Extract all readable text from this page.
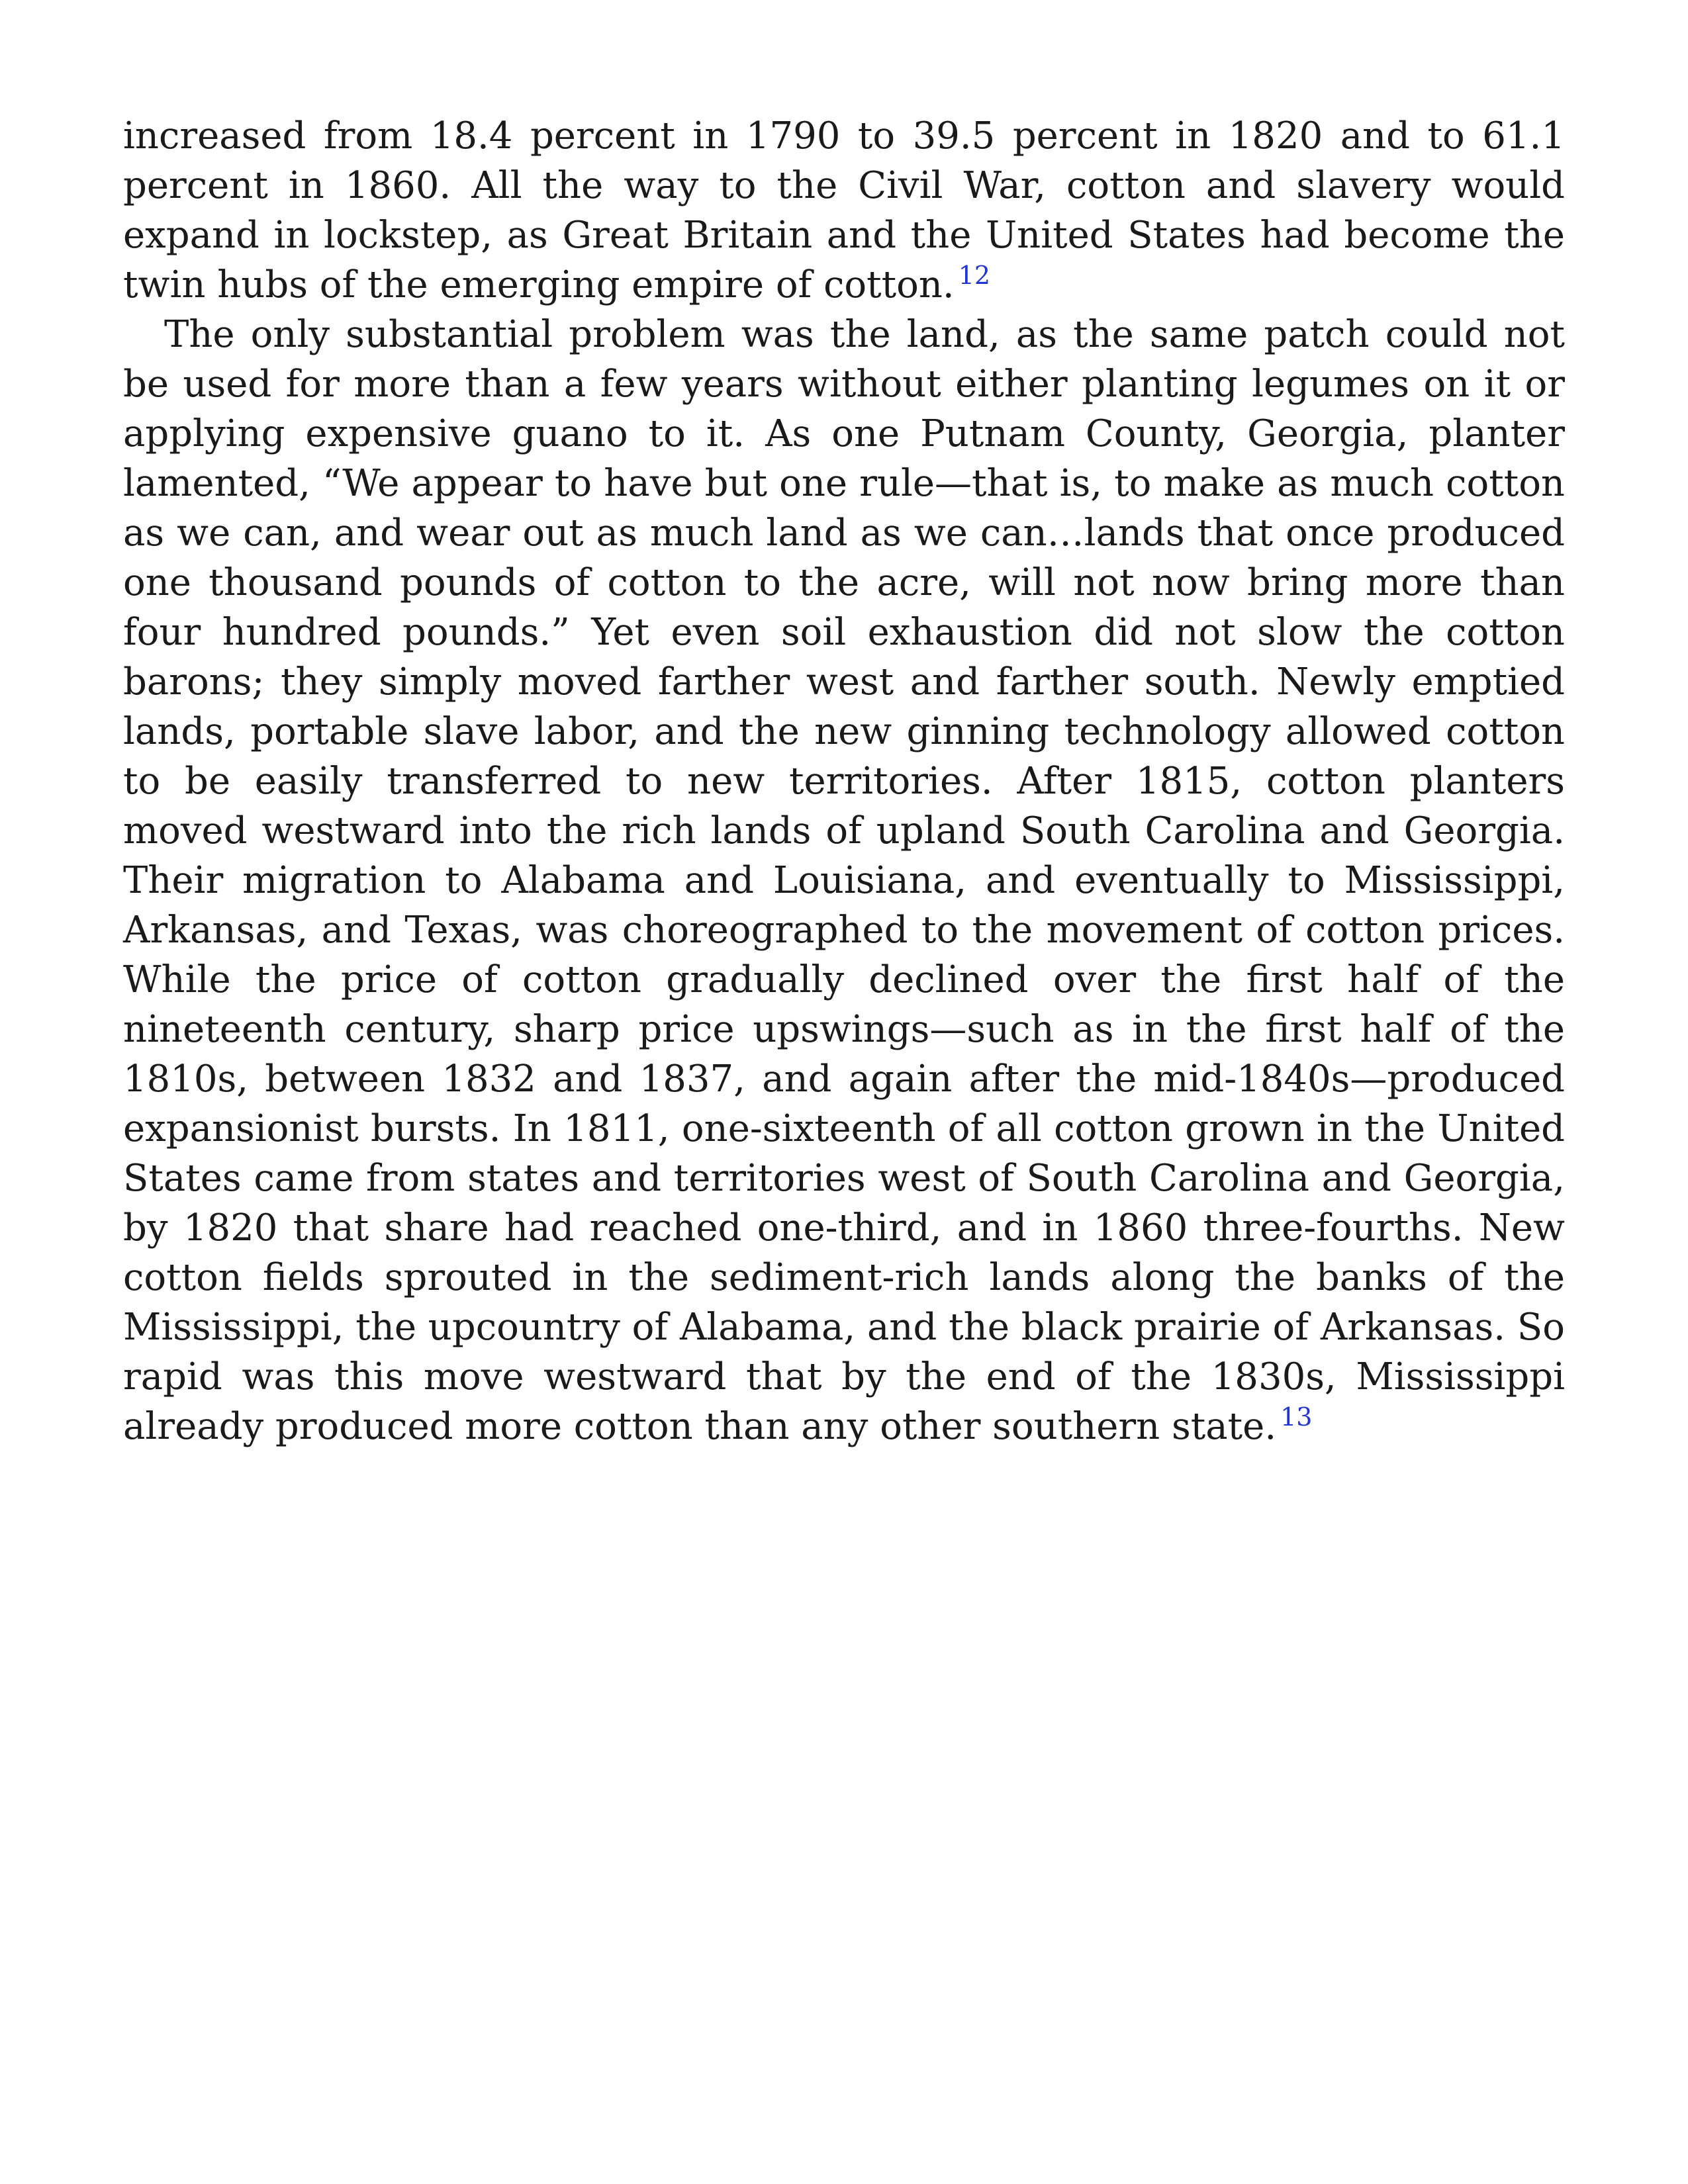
increased from 18.4 percent in 1790 to 39.5 percent in 1820 and to 61.1 percent in 1860. All the way to the Civil War, cotton and slavery would expand in lockstep, as Great Britain and the United States had become the twin hubs of the emerging empire of cotton. $^{12}$

The only substantial problem was the land, as the same patch could not be used for more than a few years without either planting legumes on it or applying expensive guano to it. As one Putnam County, Georgia, planter lamented, “We appear to have but one rule—that is, to make as much cotton as we can, and wear out as much land as we can…lands that once produced one thousand pounds of cotton to the acre, will not now bring more than four hundred pounds.” Yet even soil exhaustion did not slow the cotton barons; they simply moved farther west and farther south. Newly emptied lands, portable slave labor, and the new ginning technology allowed cotton to be easily transferred to new territories. After 1815, cotton planters moved westward into the rich lands of upland South Carolina and Georgia. Their migration to Alabama and Louisiana, and eventually to Mississippi, Arkansas, and Texas, was choreographed to the movement of cotton prices. While the price of cotton gradually declined over the first half of the nineteenth century, sharp price upswings—such as in the first half of the 1810s, between 1832 and 1837, and again after the mid-1840s—produced expansionist bursts. In 1811, one-sixteenth of all cotton grown in the United States came from states and territories west of South Carolina and Georgia, by 1820 that share had reached one-third, and in 1860 three-fourths. New cotton fields sprouted in the sediment-rich lands along the banks of the Mississippi, the upcountry of Alabama, and the black prairie of Arkansas. So rapid was this move westward that by the end of the 1830s, Mississippi already produced more cotton than any other southern state. $^{13}$
